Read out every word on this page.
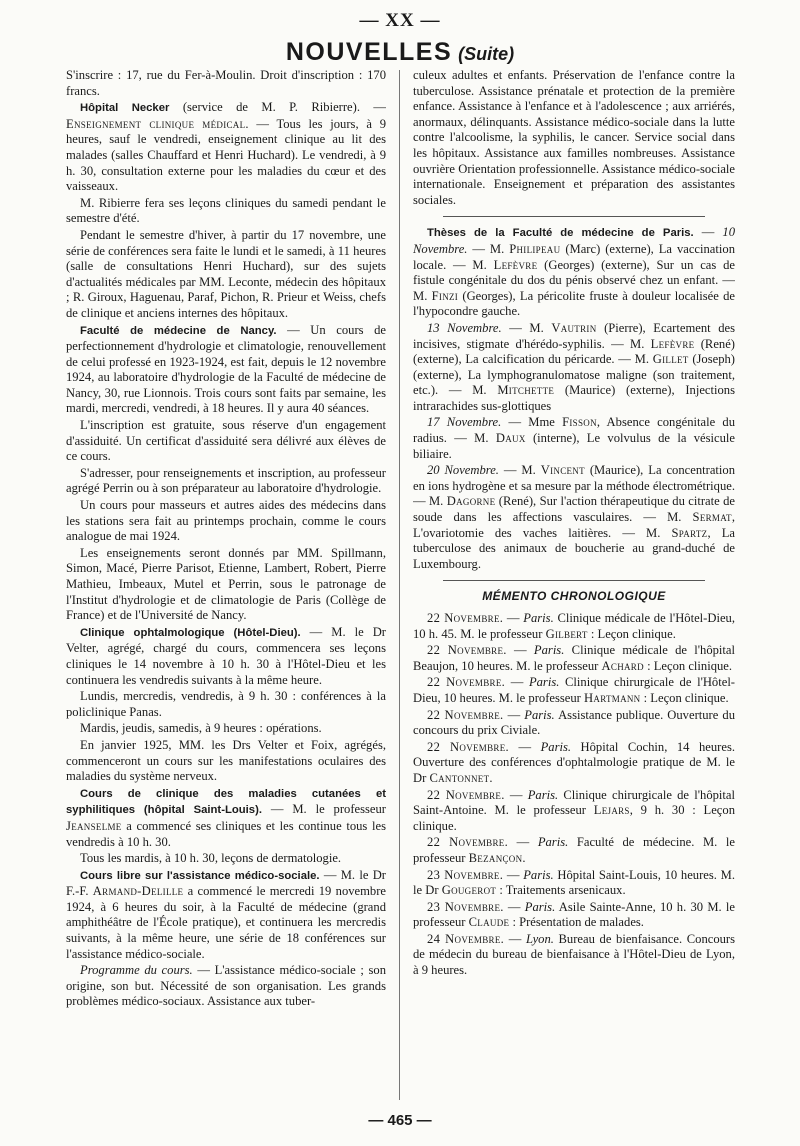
— XX —
NOUVELLES (Suite)

S'inscrire : 17, rue du Fer-à-Moulin. Droit d'inscription : 170 francs.

Hôpital Necker (service de M. P. Ribierre). — Enseignement clinique médical. — Tous les jours, à 9 heures, sauf le vendredi, enseignement clinique au lit des malades (salles Chauffard et Henri Huchard). Le vendredi, à 9 h. 30, consultation externe pour les maladies du cœur et des vaisseaux.

M. Ribierre fera ses leçons cliniques du samedi pendant le semestre d'été.

Pendant le semestre d'hiver, à partir du 17 novembre, une série de conférences sera faite le lundi et le samedi, à 11 heures (salle de consultations Henri Huchard), sur des sujets d'actualités médicales par MM. Leconte, médecin des hôpitaux ; R. Giroux, Haguenau, Paraf, Pichon, R. Prieur et Weiss, chefs de clinique et anciens internes des hôpitaux.

Faculté de médecine de Nancy. — Un cours de perfectionnement d'hydrologie et climatologie, renouvellement de celui professé en 1923-1924, est fait, depuis le 12 novembre 1924, au laboratoire d'hydrologie de la Faculté de médecine de Nancy, 30, rue Lionnois. Trois cours sont faits par semaine, les mardi, mercredi, vendredi, à 18 heures. Il y aura 40 séances.

L'inscription est gratuite, sous réserve d'un engagement d'assiduité. Un certificat d'assiduité sera délivré aux élèves de ce cours.

S'adresser, pour renseignements et inscription, au professeur agrégé Perrin ou à son préparateur au laboratoire d'hydrologie.

Un cours pour masseurs et autres aides des médecins dans les stations sera fait au printemps prochain, comme le cours analogue de mai 1924.

Les enseignements seront donnés par MM. Spillmann, Simon, Macé, Pierre Parisot, Etienne, Lambert, Robert, Pierre Mathieu, Imbeaux, Mutel et Perrin, sous le patronage de l'Institut d'hydrologie et de climatologie de Paris (Collège de France) et de l'Université de Nancy.

Clinique ophtalmologique (Hôtel-Dieu). — M. le Dr Velter, agrégé, chargé du cours, commencera ses leçons cliniques le 14 novembre à 10 h. 30 à l'Hôtel-Dieu et les continuera les vendredis suivants à la même heure.

Lundis, mercredis, vendredis, à 9 h. 30 : conférences à la policlinique Panas.

Mardis, jeudis, samedis, à 9 heures : opérations.

En janvier 1925, MM. les Drs Velter et Foix, agrégés, commenceront un cours sur les manifestations oculaires des maladies du système nerveux.

Cours de clinique des maladies cutanées et syphilitiques (hôpital Saint-Louis). — M. le professeur Jeanselme a commencé ses cliniques et les continue tous les vendredis à 10 h. 30.

Tous les mardis, à 10 h. 30, leçons de dermatologie.

Cours libre sur l'assistance médico-sociale. — M. le Dr F.-F. Armand-Delille a commencé le mercredi 19 novembre 1924, à 6 heures du soir, à la Faculté de médecine (grand amphithéâtre de l'École pratique), et continuera les mercredis suivants, à la même heure, une série de 18 conférences sur l'assistance médico-sociale.

Programme du cours. — L'assistance médico-sociale ; son origine, son but. Nécessité de son organisation. Les grands problèmes médico-sociaux. Assistance aux tuber-

culeux adultes et enfants. Préservation de l'enfance contre la tuberculose. Assistance prénatale et protection de la première enfance. Assistance à l'enfance et à l'adolescence ; aux arriérés, anormaux, délinquants. Assistance médico-sociale dans la lutte contre l'alcoolisme, la syphilis, le cancer. Service social dans les hôpitaux. Assistance aux familles nombreuses. Assistance ouvrière Orientation professionnelle. Assistance médico-sociale internationale. Enseignement et préparation des assistantes sociales.

Thèses de la Faculté de médecine de Paris. — 10 Novembre. — M. Philipeau (Marc) (externe), La vaccination locale. — M. Lefèvre (Georges) (externe), Sur un cas de fistule congénitale du dos du pénis observé chez un enfant. — M. Finzi (Georges), La péricolite fruste à douleur localisée de l'hypocondre gauche.

13 Novembre. — M. Vautrin (Pierre), Ecartement des incisives, stigmate d'hérédo-syphilis. — M. Lefèvre (René) (externe), La calcification du péricarde. — M. Gillet (Joseph) (externe), La lymphogranulomatose maligne (son traitement, etc.). — M. Mitchette (Maurice) (externe), Injections intrarachides sus-glottiques

17 Novembre. — Mme Fisson, Absence congénitale du radius. — M. Daux (interne), Le volvulus de la vésicule biliaire.

20 Novembre. — M. Vincent (Maurice), La concentration en ions hydrogène et sa mesure par la méthode électrométrique. — M. Dagorne (René), Sur l'action thérapeutique du citrate de soude dans les affections vasculaires. — M. Sermat, L'ovariotomie des vaches laitières. — M. Spartz, La tuberculose des animaux de boucherie au grand-duché de Luxembourg.

MÉMENTO CHRONOLOGIQUE

22 Novembre. — Paris. Clinique médicale de l'Hôtel-Dieu, 10 h. 45. M. le professeur Gilbert : Leçon clinique.

22 Novembre. — Paris. Clinique médicale de l'hôpital Beaujon, 10 heures. M. le professeur Achard : Leçon clinique.

22 Novembre. — Paris. Clinique chirurgicale de l'Hôtel-Dieu, 10 heures. M. le professeur Hartmann : Leçon clinique.

22 Novembre. — Paris. Assistance publique. Ouverture du concours du prix Civiale.

22 Novembre. — Paris. Hôpital Cochin, 14 heures. Ouverture des conférences d'ophtalmologie pratique de M. le Dr Cantonnet.

22 Novembre. — Paris. Clinique chirurgicale de l'hôpital Saint-Antoine. M. le professeur Lejars, 9 h. 30 : Leçon clinique.

22 Novembre. — Paris. Faculté de médecine. M. le professeur Bezançon.

23 Novembre. — Paris. Hôpital Saint-Louis, 10 heures. M. le Dr Gougerot : Traitements arsenicaux.

23 Novembre. — Paris. Asile Sainte-Anne, 10 h. 30 M. le professeur Claude : Présentation de malades.

24 Novembre. — Lyon. Bureau de bienfaisance. Concours de médecin du bureau de bienfaisance à l'Hôtel-Dieu de Lyon, à 9 heures.

— 465 —
